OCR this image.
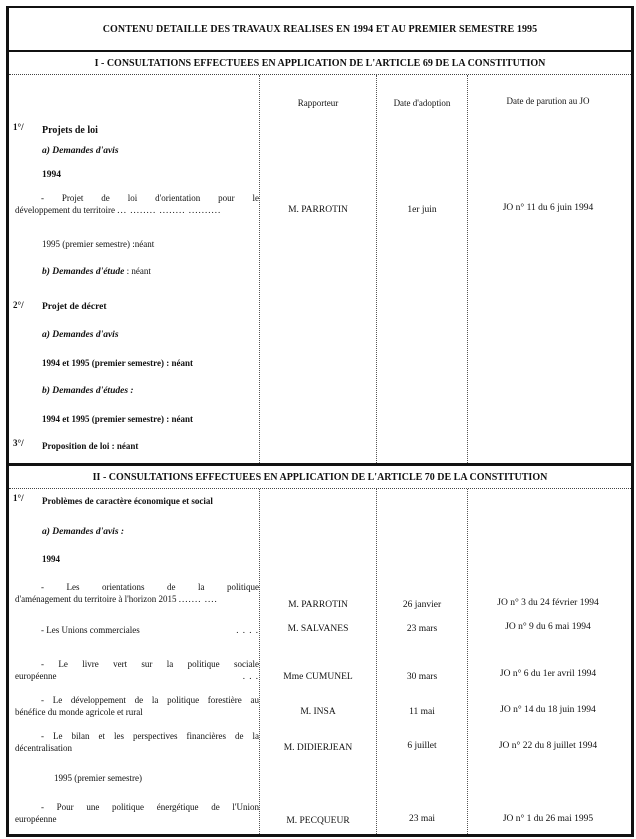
CONTENU DETAILLE DES TRAVAUX REALISES EN 1994 ET AU PREMIER SEMESTRE 1995
I - CONSULTATIONS EFFECTUEES EN APPLICATION DE L'ARTICLE 69 DE LA CONSTITUTION
Rapporteur	Date d'adoption	Date de parution au JO
1°/ Projets de loi
a) Demandes d'avis
1994
- Projet de loi d'orientation pour le
développement du territoire ... ........ ........ ..........	M. PARROTIN	1er juin	JO n° 11 du 6 juin 1994
1995 (premier semestre) :néant
b) Demandes d'étude : néant
2°/ Projet de décret
a) Demandes d'avis
1994 et 1995 (premier semestre) : néant
b) Demandes d'études :
1994 et 1995 (premier semestre) : néant
3°/ Proposition de loi : néant
II - CONSULTATIONS EFFECTUEES EN APPLICATION DE L'ARTICLE 70 DE LA CONSTITUTION
1°/ Problèmes de caractère économique et social
a) Demandes d'avis :
1994
- Les orientations de la politique
d'aménagement du territoire à l'horizon 2015 ....... ....
M. PARROTIN	26 janvier	JO n° 3 du 24 février 1994
- Les Unions commerciales	. . . .	M. SALVANES	23 mars	JO n° 9 du 6 mai 1994
- Le livre vert sur la politique sociale
européenne	. . .	Mme CUMUNEL	30 mars	JO n° 6 du 1er avril 1994
- Le développement de la politique forestière au
bénéfice du monde agricole et rural	M. INSA	11 mai	JO n° 14 du 18 juin 1994
- Le bilan et les perspectives financières de la
décentralisation	M. DIDIERJEAN	6 juillet	JO n° 22 du 8 juillet 1994
1995 (premier semestre)
- Pour une politique énergétique de l'Union
européenne	M. PECQUEUR	23 mai	JO n° 1 du 26 mai 1995
